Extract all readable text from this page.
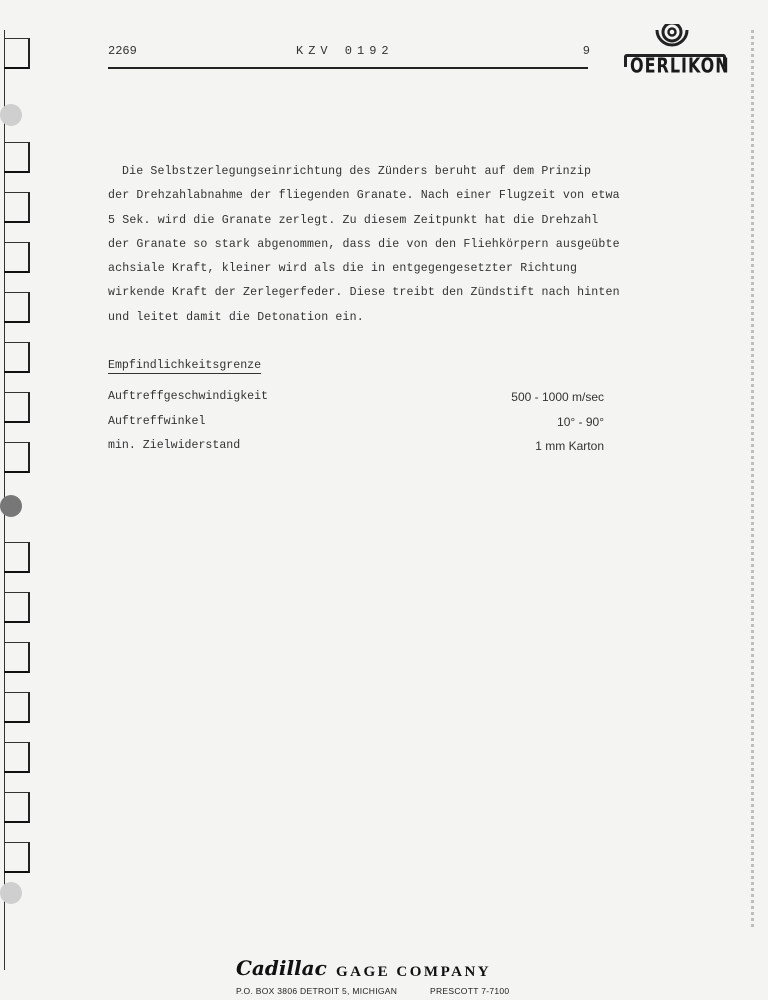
2269	KZV 0192	9
OERLIKON
Die Selbstzerlegungseinrichtung des Zünders beruht auf dem Prinzip
der Drehzahlabnahme der fliegenden Granate. Nach einer Flugzeit von etwa
5 Sek. wird die Granate zerlegt. Zu diesem Zeitpunkt hat die Drehzahl
der Granate so stark abgenommen, dass die von den Fliehkörpern ausgeübte
achsiale Kraft, kleiner wird als die in entgegengesetzter Richtung
wirkende Kraft der Zerlegerfeder. Diese treibt den Zündstift nach hinten
und leitet damit die Detonation ein.
Empfindlichkeitsgrenze
Auftreffgeschwindigkeit	500 - 1000 m/sec
Auftreffwinkel	10° - 90°
min. Zielwiderstand	1 mm Karton
Cadillac GAGE COMPANY
P.O. BOX 3806 DETROIT 5, MICHIGAN	PRESCOTT 7-7100
